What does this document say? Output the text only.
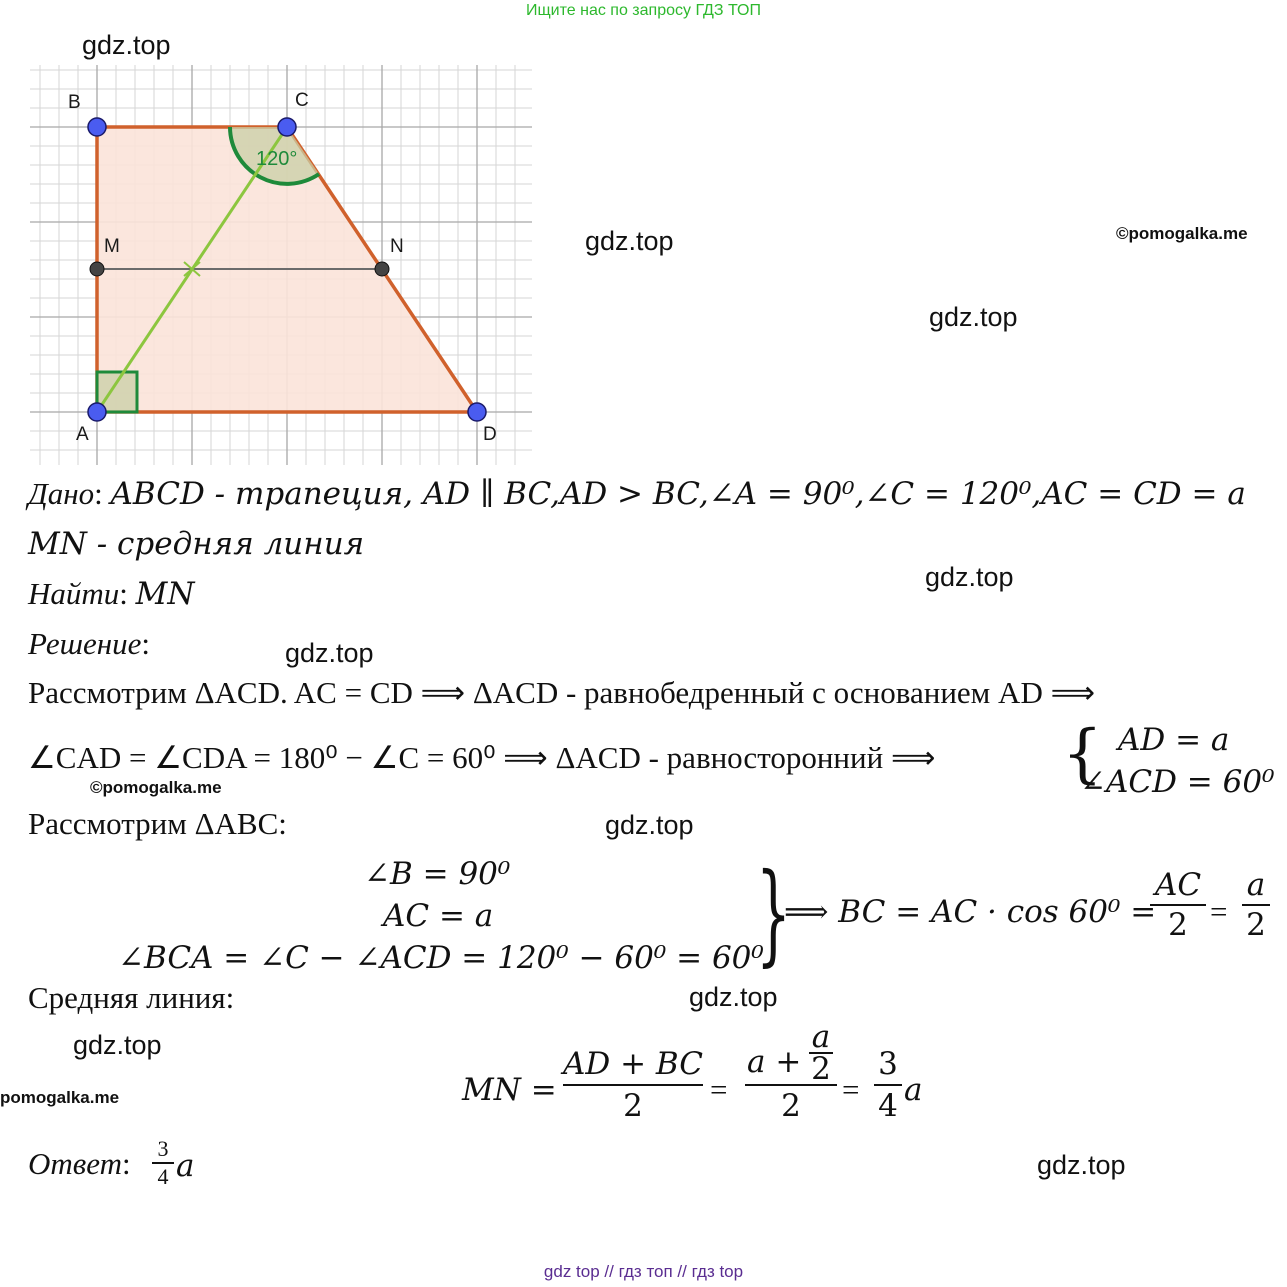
Ищите нас по запросу ГДЗ ТОП
gdz.top
gdz.top	©pomogalka.me
gdz.top
gdz.top
gdz.top
©pomogalka.me
gdz.top
gdz.top
gdz.top
pomogalka.me
gdz.top
120°
B	C
M	N
A	D
Дано: ABCD - трапеция, AD ∥ BC,AD > BC,∠A = 90⁰,∠C = 120⁰,AC = CD = a
MN - средняя линия
Найти: MN
Решение:
Рассмотрим ΔACD. AC = CD ⟹ ΔACD - равнобедренный с основанием AD ⟹
∠CAD = ∠CDA = 180⁰ − ∠C = 60⁰ ⟹ ΔACD - равносторонний ⟹ { AD = a
∠ACD = 60⁰
Рассмотрим ΔABC:
∠B = 90⁰
AC = a
∠BCA = ∠C − ∠ACD = 120⁰ − 60⁰ = 60⁰
}
⟹ BC = AC · cos 60⁰ =
AC
2 =
a
2
Средняя линия:
MN =
AD + BC
2	=
a +
a
2
2	=
3
4 a
Ответ: 3
4 a
gdz top // гдз топ // гдз top
